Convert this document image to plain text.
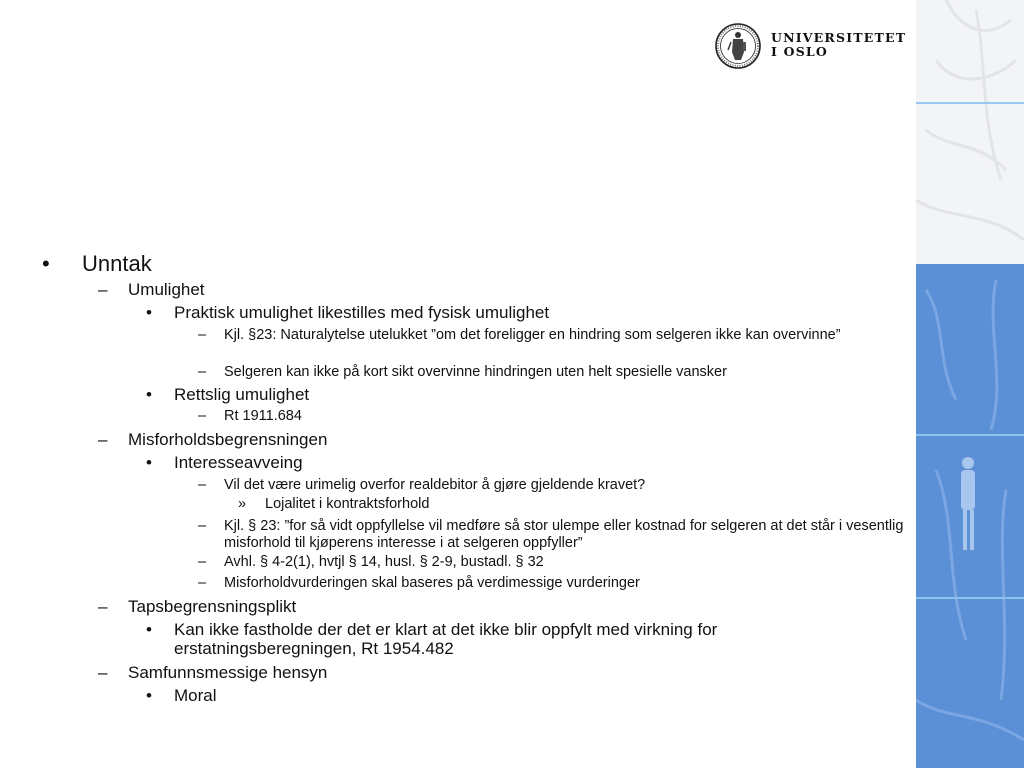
UNIVERSITETET
I OSLO
•	Unntak
–	Umulighet
•	Praktisk umulighet likestilles med fysisk umulighet
–	Kjl. §23: Naturalytelse utelukket ”om det foreligger en hindring som selgeren ikke kan overvinne”
–	Selgeren kan ikke på kort sikt overvinne hindringen uten helt spesielle vansker
•	Rettslig umulighet
–	Rt 1911.684
–	Misforholdsbegrensningen
•	Interesseavveing
–	Vil det være urimelig overfor realdebitor å gjøre gjeldende kravet?
»	Lojalitet i kontraktsforhold
–	Kjl. § 23: ”for så vidt oppfyllelse vil medføre så stor ulempe eller kostnad for selgeren at det står i vesentlig misforhold til kjøperens interesse i at selgeren oppfyller”
–	Avhl. § 4-2(1), hvtjl § 14, husl. § 2-9, bustadl. § 32
–	Misforholdvurderingen skal baseres på verdimessige vurderinger
–	Tapsbegrensningsplikt
•	Kan ikke fastholde der det er klart at det ikke blir oppfylt med virkning for erstatningsberegningen, Rt 1954.482
–	Samfunnsmessige hensyn
•	Moral
